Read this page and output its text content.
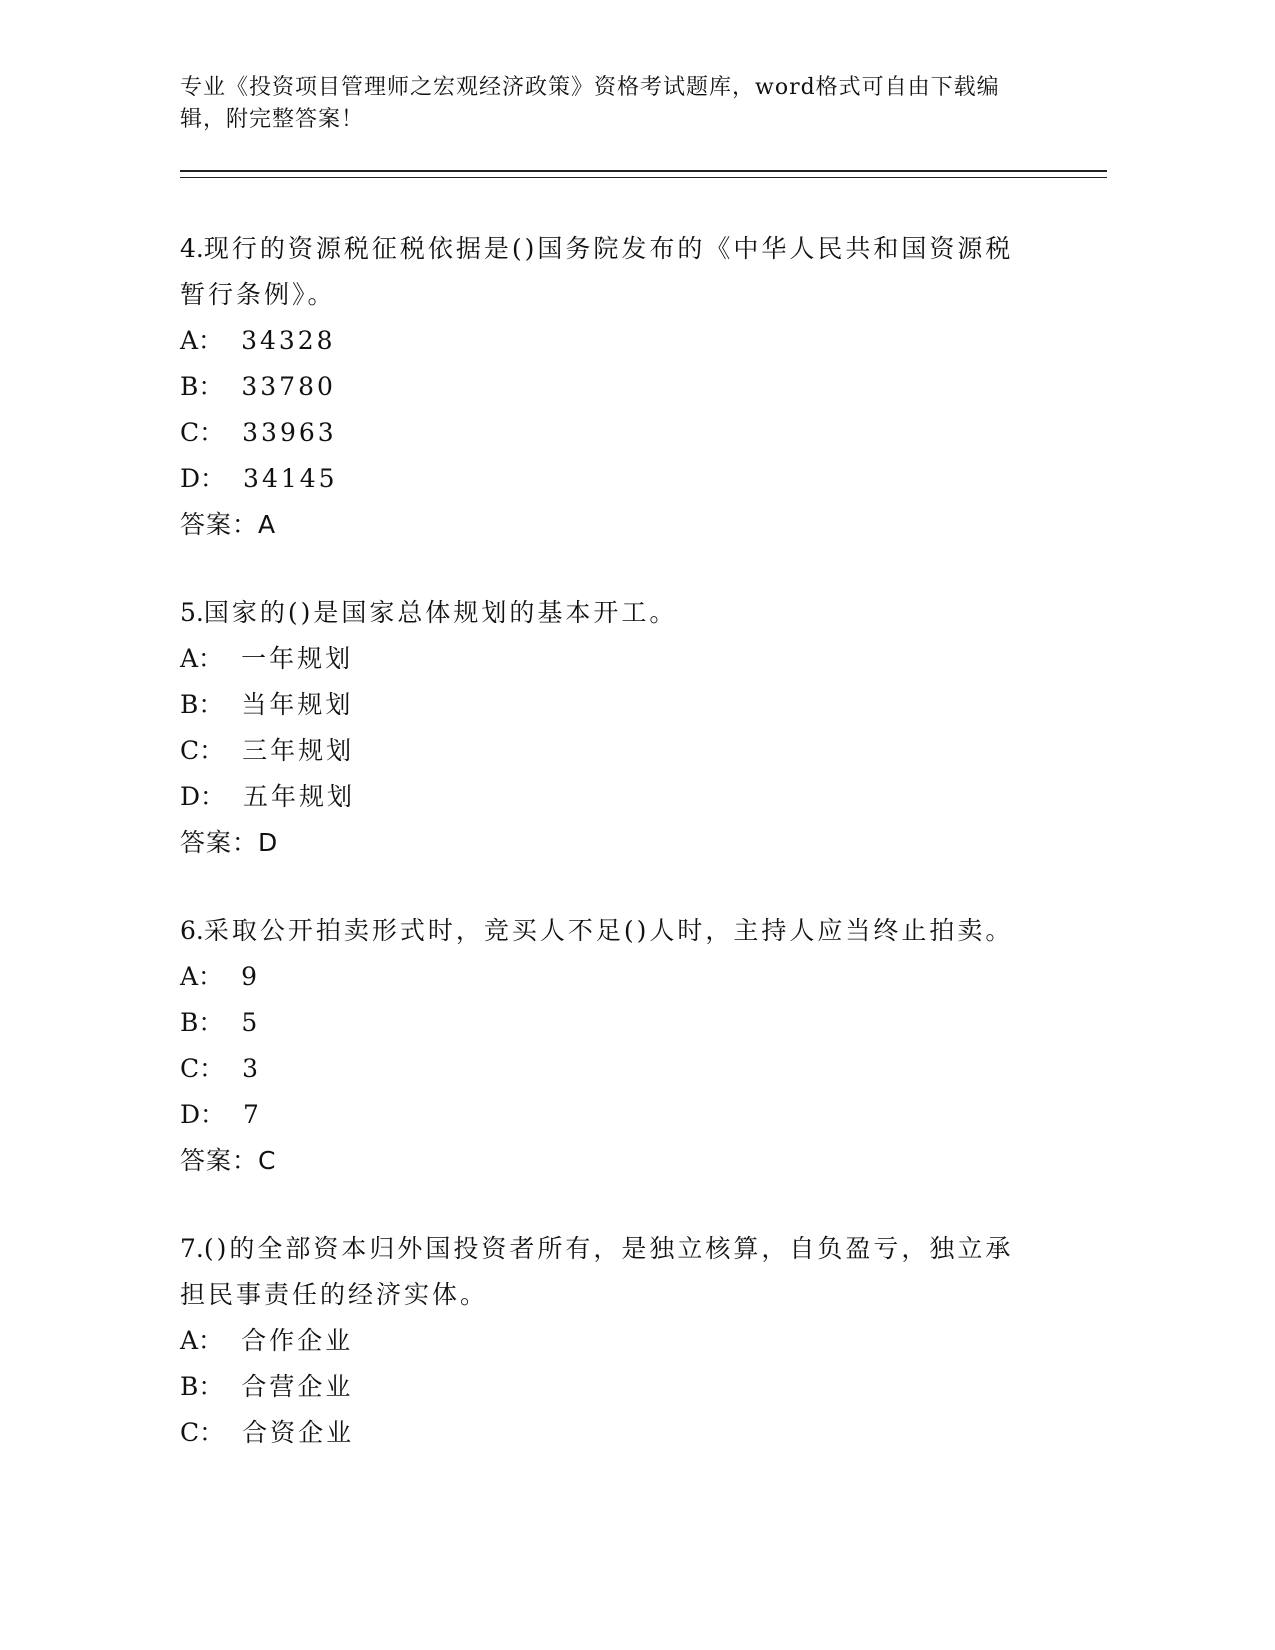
专业《投资项目管理师之宏观经济政策》资格考试题库，word格式可自由下载编辑，附完整答案！
4.现行的资源税征税依据是()国务院发布的《中华人民共和国资源税暂行条例》。
A： 34328
B： 33780
C： 33963
D： 34145
答案：A
5.国家的()是国家总体规划的基本开工。
A： 一年规划
B： 当年规划
C： 三年规划
D： 五年规划
答案：D
6.采取公开拍卖形式时，竞买人不足()人时，主持人应当终止拍卖。
A： 9
B： 5
C： 3
D： 7
答案：C
7.()的全部资本归外国投资者所有，是独立核算，自负盈亏，独立承担民事责任的经济实体。
A： 合作企业
B： 合营企业
C： 合资企业
